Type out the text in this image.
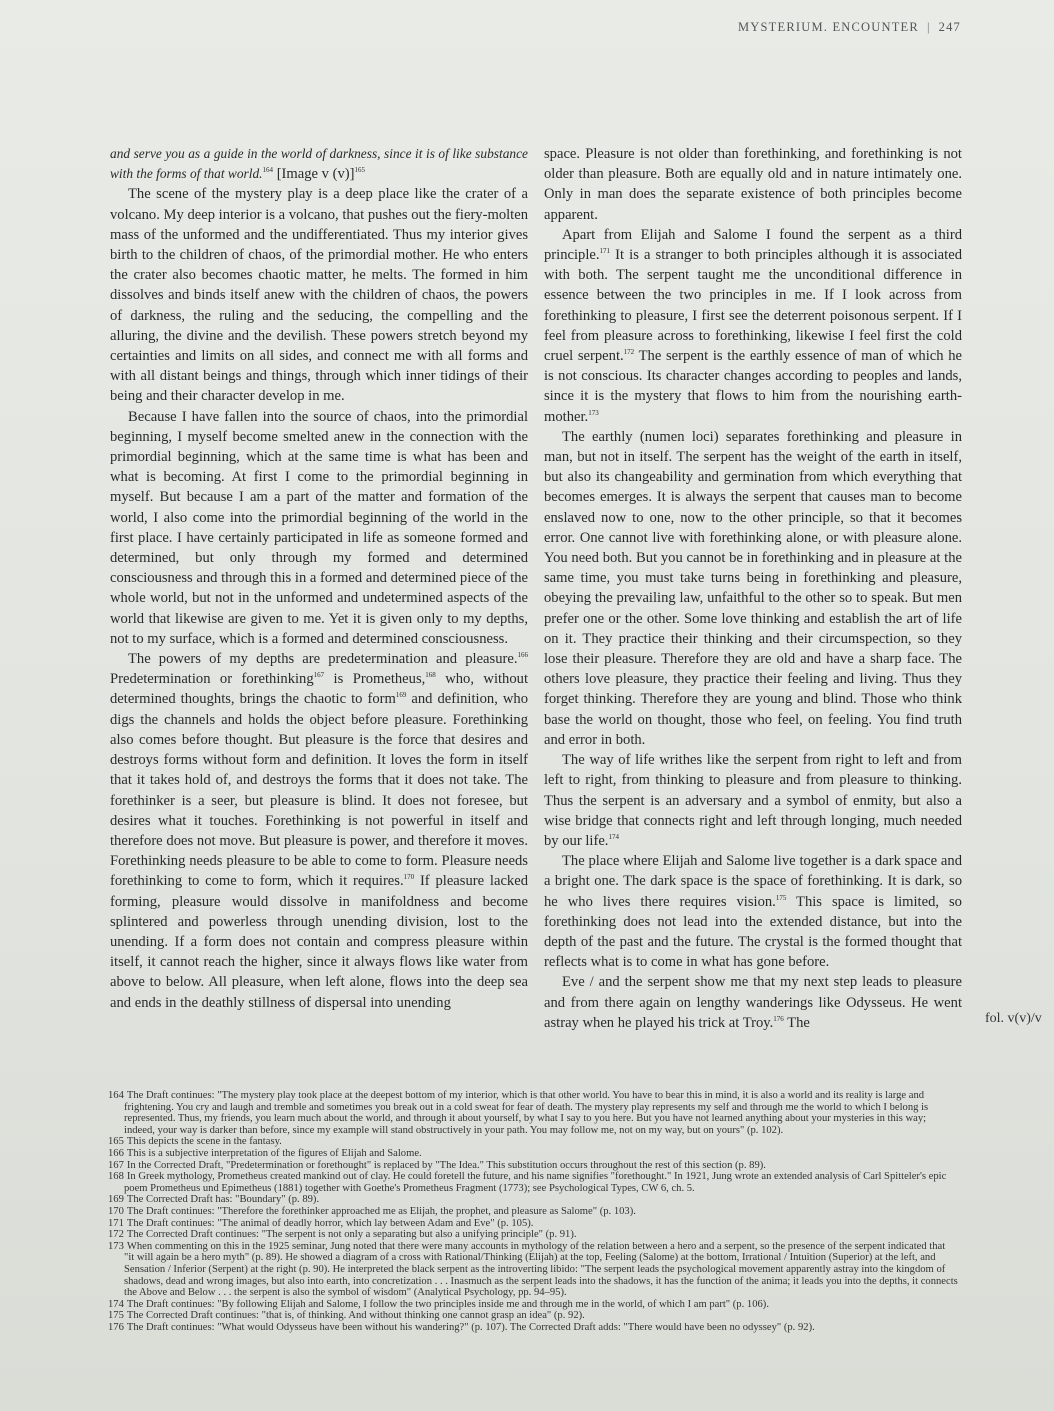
MYSTERIUM. ENCOUNTER | 247

and serve you as a guide in the world of darkness, since it is of like substance with the forms of that world.$^{164}$ [Image v (v)]$^{165}$

The scene of the mystery play is a deep place like the crater of a volcano. My deep interior is a volcano, that pushes out the fiery-molten mass of the unformed and the undifferentiated. Thus my interior gives birth to the children of chaos, of the primordial mother. He who enters the crater also becomes chaotic matter, he melts. The formed in him dissolves and binds itself anew with the children of chaos, the powers of darkness, the ruling and the seducing, the compelling and the alluring, the divine and the devilish. These powers stretch beyond my certainties and limits on all sides, and connect me with all forms and with all distant beings and things, through which inner tidings of their being and their character develop in me.

Because I have fallen into the source of chaos, into the primordial beginning, I myself become smelted anew in the connection with the primordial beginning, which at the same time is what has been and what is becoming. At first I come to the primordial beginning in myself. But because I am a part of the matter and formation of the world, I also come into the primordial beginning of the world in the first place. I have certainly participated in life as someone formed and determined, but only through my formed and determined consciousness and through this in a formed and determined piece of the whole world, but not in the unformed and undetermined aspects of the world that likewise are given to me. Yet it is given only to my depths, not to my surface, which is a formed and determined consciousness.

The powers of my depths are predetermination and pleasure.$^{166}$ Predetermination or forethinking$^{167}$ is Prometheus,$^{168}$ who, without determined thoughts, brings the chaotic to form$^{169}$ and definition, who digs the channels and holds the object before pleasure. Forethinking also comes before thought. But pleasure is the force that desires and destroys forms without form and definition. It loves the form in itself that it takes hold of, and destroys the forms that it does not take. The forethinker is a seer, but pleasure is blind. It does not foresee, but desires what it touches. Forethinking is not powerful in itself and therefore does not move. But pleasure is power, and therefore it moves. Forethinking needs pleasure to be able to come to form. Pleasure needs forethinking to come to form, which it requires.$^{170}$ If pleasure lacked forming, pleasure would dissolve in manifoldness and become splintered and powerless through unending division, lost to the unending. If a form does not contain and compress pleasure within itself, it cannot reach the higher, since it always flows like water from above to below. All pleasure, when left alone, flows into the deep sea and ends in the deathly stillness of dispersal into unending

space. Pleasure is not older than forethinking, and forethinking is not older than pleasure. Both are equally old and in nature intimately one. Only in man does the separate existence of both principles become apparent.

Apart from Elijah and Salome I found the serpent as a third principle.$^{171}$ It is a stranger to both principles although it is associated with both. The serpent taught me the unconditional difference in essence between the two principles in me. If I look across from forethinking to pleasure, I first see the deterrent poisonous serpent. If I feel from pleasure across to forethinking, likewise I feel first the cold cruel serpent.$^{172}$ The serpent is the earthly essence of man of which he is not conscious. Its character changes according to peoples and lands, since it is the mystery that flows to him from the nourishing earth-mother.$^{173}$

The earthly (numen loci) separates forethinking and pleasure in man, but not in itself. The serpent has the weight of the earth in itself, but also its changeability and germination from which everything that becomes emerges. It is always the serpent that causes man to become enslaved now to one, now to the other principle, so that it becomes error. One cannot live with forethinking alone, or with pleasure alone. You need both. But you cannot be in forethinking and in pleasure at the same time, you must take turns being in forethinking and pleasure, obeying the prevailing law, unfaithful to the other so to speak. But men prefer one or the other. Some love thinking and establish the art of life on it. They practice their thinking and their circumspection, so they lose their pleasure. Therefore they are old and have a sharp face. The others love pleasure, they practice their feeling and living. Thus they forget thinking. Therefore they are young and blind. Those who think base the world on thought, those who feel, on feeling. You find truth and error in both.

The way of life writhes like the serpent from right to left and from left to right, from thinking to pleasure and from pleasure to thinking. Thus the serpent is an adversary and a symbol of enmity, but also a wise bridge that connects right and left through longing, much needed by our life.$^{174}$

The place where Elijah and Salome live together is a dark space and a bright one. The dark space is the space of forethinking. It is dark, so he who lives there requires vision.$^{175}$ This space is limited, so forethinking does not lead into the extended distance, but into the depth of the past and the future. The crystal is the formed thought that reflects what is to come in what has gone before.

Eve / and the serpent show me that my next step leads to pleasure and from there again on lengthy wanderings like Odysseus. He went astray when he played his trick at Troy.$^{176}$ The	fol. v(v)/v

164 The Draft continues: "The mystery play took place at the deepest bottom of my interior, which is that other world. You have to bear this in mind, it is also a world and its reality is large and frightening. You cry and laugh and tremble and sometimes you break out in a cold sweat for fear of death. The mystery play represents my self and through me the world to which I belong is represented. Thus, my friends, you learn much about the world, and through it about yourself, by what I say to you here. But you have not learned anything about your mysteries in this way; indeed, your way is darker than before, since my example will stand obstructively in your path. You may follow me, not on my way, but on yours" (p. 102).

165 This depicts the scene in the fantasy.

166 This is a subjective interpretation of the figures of Elijah and Salome.

167 In the Corrected Draft, "Predetermination or forethought" is replaced by "The Idea." This substitution occurs throughout the rest of this section (p. 89).

168 In Greek mythology, Prometheus created mankind out of clay. He could foretell the future, and his name signifies "forethought." In 1921, Jung wrote an extended analysis of Carl Spitteler's epic poem Prometheus und Epimetheus (1881) together with Goethe's Prometheus Fragment (1773); see Psychological Types, CW 6, ch. 5.

169 The Corrected Draft has: "Boundary" (p. 89).

170 The Draft continues: "Therefore the forethinker approached me as Elijah, the prophet, and pleasure as Salome" (p. 103).

171 The Draft continues: "The animal of deadly horror, which lay between Adam and Eve" (p. 105).

172 The Corrected Draft continues: "The serpent is not only a separating but also a unifying principle" (p. 91).

173 When commenting on this in the 1925 seminar, Jung noted that there were many accounts in mythology of the relation between a hero and a serpent, so the presence of the serpent indicated that "it will again be a hero myth" (p. 89). He showed a diagram of a cross with Rational/Thinking (Elijah) at the top, Feeling (Salome) at the bottom, Irrational / Intuition (Superior) at the left, and Sensation / Inferior (Serpent) at the right (p. 90). He interpreted the black serpent as the introverting libido: "The serpent leads the psychological movement apparently astray into the kingdom of shadows, dead and wrong images, but also into earth, into concretization . . . Inasmuch as the serpent leads into the shadows, it has the function of the anima; it leads you into the depths, it connects the Above and Below . . . the serpent is also the symbol of wisdom" (Analytical Psychology, pp. 94–95).

174 The Draft continues: "By following Elijah and Salome, I follow the two principles inside me and through me in the world, of which I am part" (p. 106).

175 The Corrected Draft continues: "that is, of thinking. And without thinking one cannot grasp an idea" (p. 92).

176 The Draft continues: "What would Odysseus have been without his wandering?" (p. 107). The Corrected Draft adds: "There would have been no odyssey" (p. 92).
